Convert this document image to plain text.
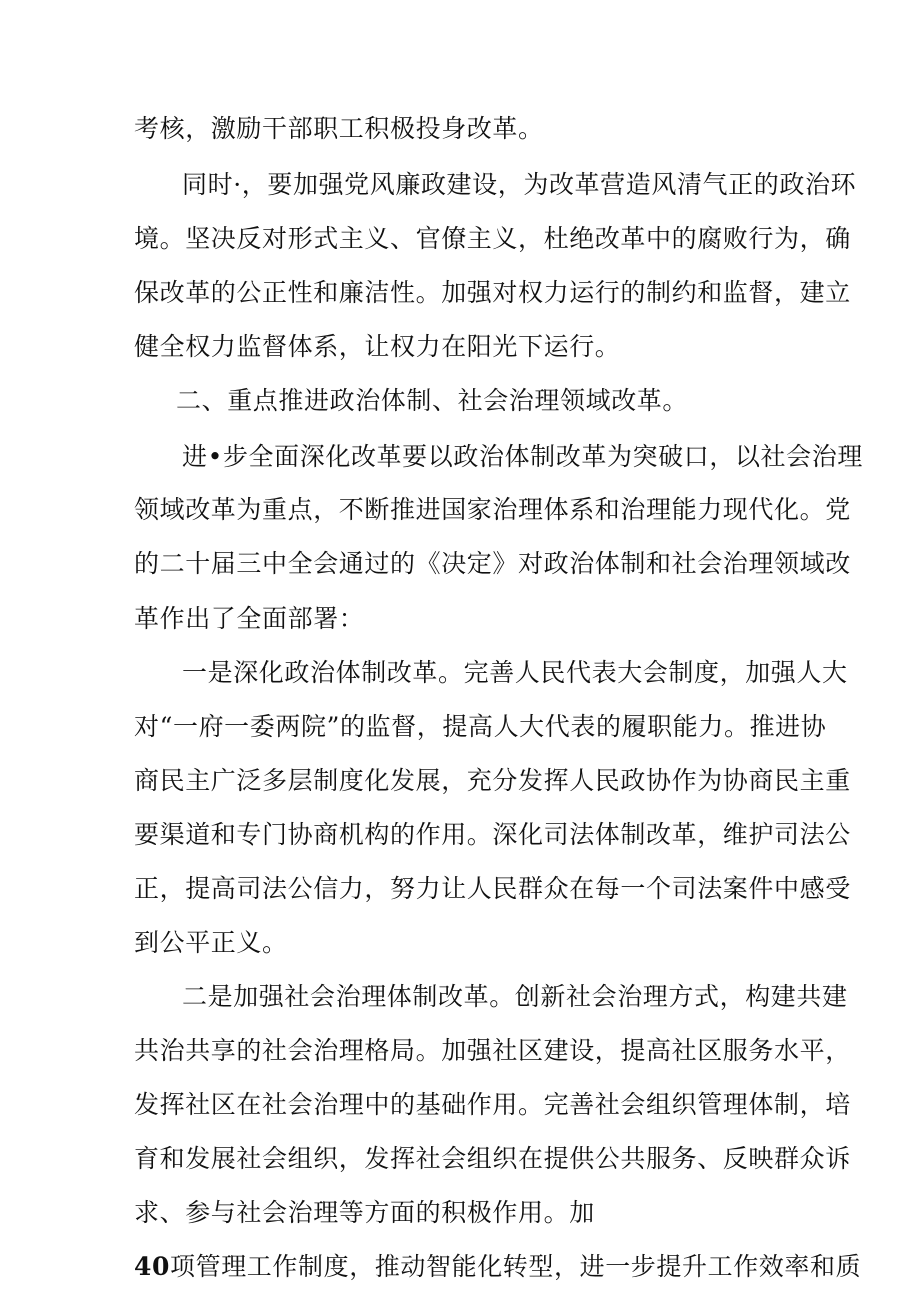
考核，激励干部职工积极投身改革。
同时·，要加强党风廉政建设，为改革营造风清气正的政治环
境。坚决反对形式主义、官僚主义，杜绝改革中的腐败行为，确
保改革的公正性和廉洁性。加强对权力运行的制约和监督，建立
健全权力监督体系，让权力在阳光下运行。
二、重点推进政治体制、社会治理领域改革。
进•步全面深化改革要以政治体制改革为突破口，以社会治理
领域改革为重点，不断推进国家治理体系和治理能力现代化。党
的二十届三中全会通过的《决定》对政治体制和社会治理领域改
革作出了全面部署：
一是深化政治体制改革。完善人民代表大会制度，加强人大
对“一府一委两院”的监督，提高人大代表的履职能力。推进协
商民主广泛多层制度化发展，充分发挥人民政协作为协商民主重
要渠道和专门协商机构的作用。深化司法体制改革，维护司法公
正，提高司法公信力，努力让人民群众在每一个司法案件中感受
到公平正义。
二是加强社会治理体制改革。创新社会治理方式，构建共建
共治共享的社会治理格局。加强社区建设，提高社区服务水平，
发挥社区在社会治理中的基础作用。完善社会组织管理体制，培
育和发展社会组织，发挥社会组织在提供公共服务、反映群众诉
求、参与社会治理等方面的积极作用。加
40项管理工作制度，推动智能化转型，进一步提升工作效率和质
